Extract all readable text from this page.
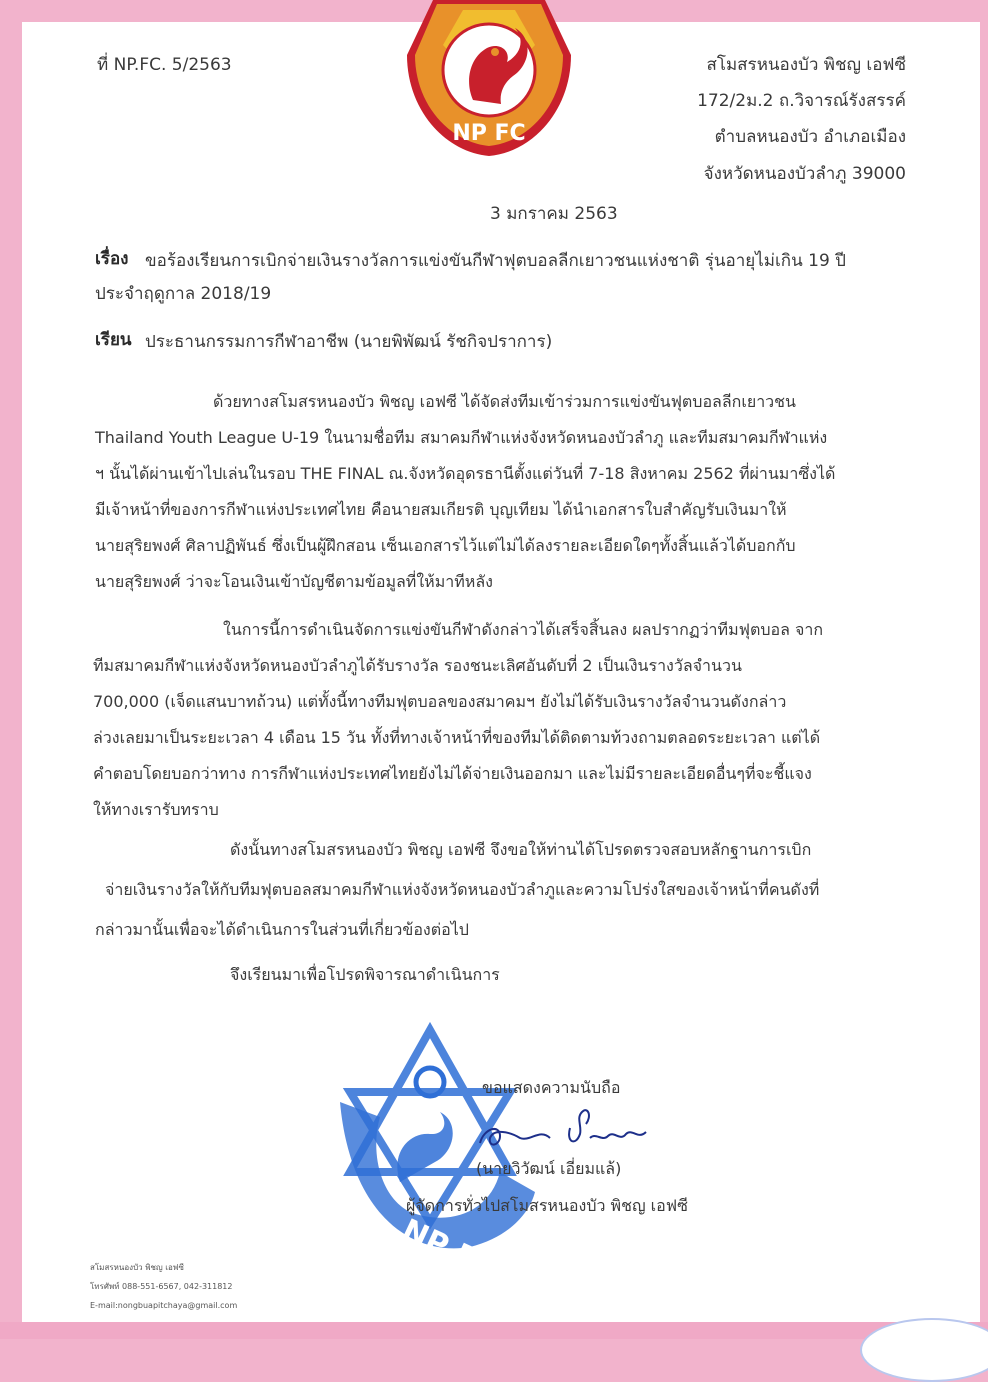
NP FC
ที่ NP.FC. 5/2563	สโมสรหนองบัว พิชญ เอฟซี
172/2ม.2 ถ.วิจารณ์รังสรรค์
ตำบลหนองบัว อำเภอเมือง
จังหวัดหนองบัวลำภู 39000
3 มกราคม 2563
เรื่อง ขอร้องเรียนการเบิกจ่ายเงินรางวัลการแข่งขันกีฬาฟุตบอลลีกเยาวชนแห่งชาติ รุ่นอายุไม่เกิน 19 ปี
ประจำฤดูกาล 2018/19
เรียน ประธานกรรมการกีฬาอาชีพ (นายพิพัฒน์ รัชกิจปราการ)
ด้วยทางสโมสรหนองบัว พิชญ เอฟซี ได้จัดส่งทีมเข้าร่วมการแข่งขันฟุตบอลลีกเยาวชน
Thailand Youth League U-19 ในนามชื่อทีม สมาคมกีฬาแห่งจังหวัดหนองบัวลำภู และทีมสมาคมกีฬาแห่ง
ฯ นั้นได้ผ่านเข้าไปเล่นในรอบ THE FINAL ณ.จังหวัดอุดรธานีตั้งแต่วันที่ 7-18 สิงหาคม 2562 ที่ผ่านมาซึ่งได้
มีเจ้าหน้าที่ของการกีฬาแห่งประเทศไทย คือนายสมเกียรติ บุญเทียม ได้นำเอกสารใบสำคัญรับเงินมาให้
นายสุริยพงศ์ ศิลาปฏิพันธ์ ซึ่งเป็นผู้ฝึกสอน เซ็นเอกสารไว้แต่ไม่ได้ลงรายละเอียดใดๆทั้งสิ้นแล้วได้บอกกับ
นายสุริยพงศ์ ว่าจะโอนเงินเข้าบัญชีตามข้อมูลที่ให้มาทีหลัง
ในการนี้การดำเนินจัดการแข่งขันกีฬาดังกล่าวได้เสร็จสิ้นลง ผลปรากฏว่าทีมฟุตบอล จาก
ทีมสมาคมกีฬาแห่งจังหวัดหนองบัวลำภูได้รับรางวัล รองชนะเลิศอันดับที่ 2 เป็นเงินรางวัลจำนวน
700,000 (เจ็ดแสนบาทถ้วน) แต่ทั้งนี้ทางทีมฟุตบอลของสมาคมฯ ยังไม่ได้รับเงินรางวัลจำนวนดังกล่าว
ล่วงเลยมาเป็นระยะเวลา 4 เดือน 15 วัน ทั้งที่ทางเจ้าหน้าที่ของทีมได้ติดตามท้วงถามตลอดระยะเวลา แต่ได้
คำตอบโดยบอกว่าทาง การกีฬาแห่งประเทศไทยยังไม่ได้จ่ายเงินออกมา และไม่มีรายละเอียดอื่นๆที่จะชี้แจง
ให้ทางเรารับทราบ
ดังนั้นทางสโมสรหนองบัว พิชญ เอฟซี จึงขอให้ท่านได้โปรดตรวจสอบหลักฐานการเบิก
จ่ายเงินรางวัลให้กับทีมฟุตบอลสมาคมกีฬาแห่งจังหวัดหนองบัวลำภูและความโปร่งใสของเจ้าหน้าที่คนดังที่
กล่าวมานั้นเพื่อจะได้ดำเนินการในส่วนที่เกี่ยวข้องต่อไป
จึงเรียนมาเพื่อโปรดพิจารณาดำเนินการ
NP FC
ขอแสดงความนับถือ
(นายวิวัฒน์ เอี่ยมแล้)
ผู้จัดการทั่วไปสโมสรหนองบัว พิชญ เอฟซี
สโมสรหนองบัว พิชญ เอฟซี
โทรศัพท์ 088-551-6567, 042-311812
E-mail:nongbuapitchaya@gmail.com
